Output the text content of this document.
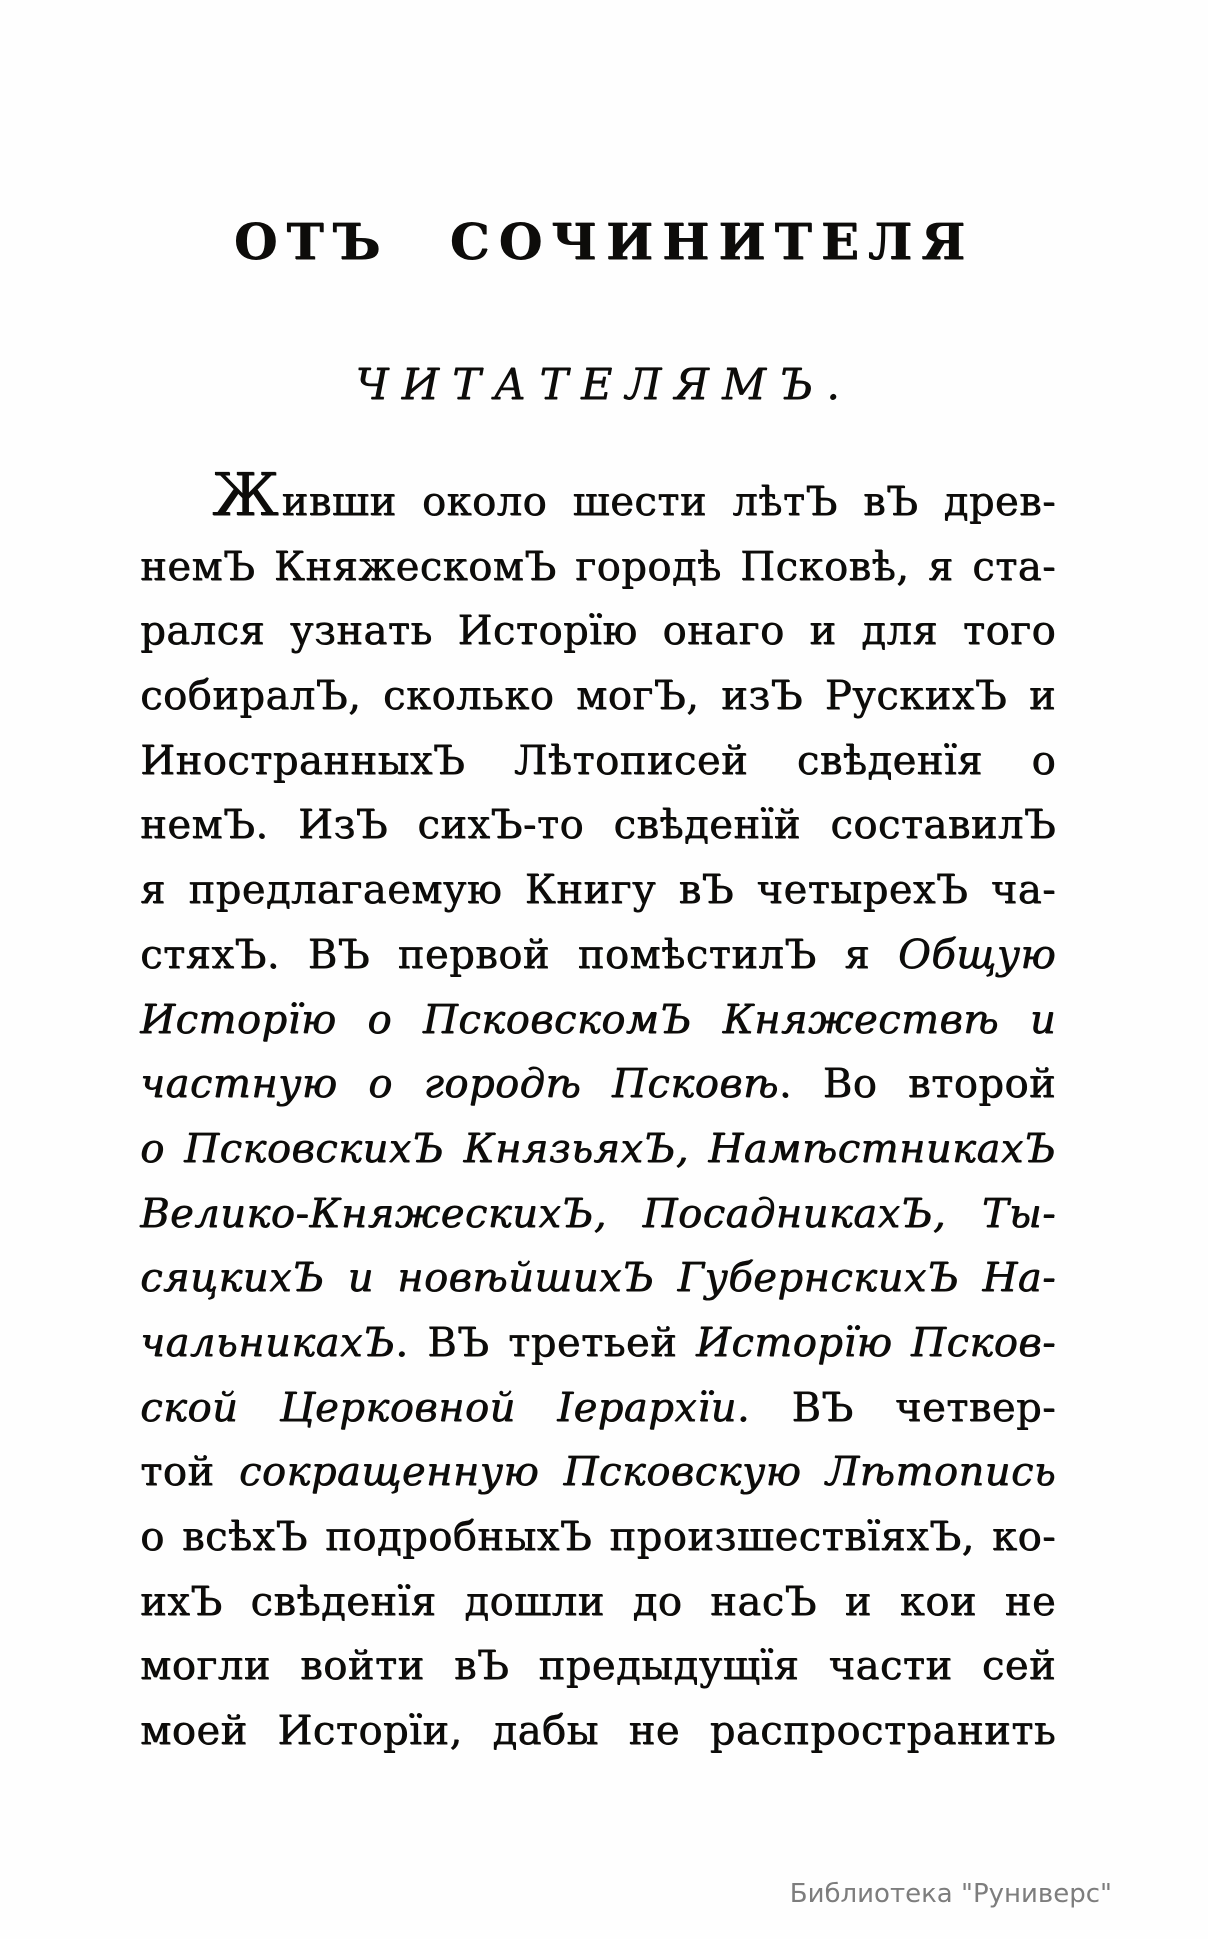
ОТЪ СОЧИНИТЕЛЯ
ЧИТАТЕЛЯМЪ.
Живши около шести лѣтЪ вЪ древ-
немЪ КняжескомЪ городѣ Псковѣ, я ста-
рался узнать Исторїю онаго и для того
собиралЪ, сколько могЪ, изЪ РускихЪ и
ИностранныхЪ Лѣтописей свѣденїя о
немЪ. ИзЪ сихЪ-то свѣденїй составилЪ
я предлагаемую Книгу вЪ четырехЪ ча-
стяхЪ. ВЪ первой помѣстилЪ я Общую
Исторїю о ПсковскомЪ Княжествѣ и
частную о городѣ Псковѣ. Во второй
о ПсковскихЪ КнязьяхЪ, НамѣстникахЪ
Велико-КняжескихЪ, ПосадникахЪ, Ты-
сяцкихЪ и новѣйшихЪ ГубернскихЪ На-
чальникахЪ. ВЪ третьей Исторїю Псков-
ской Церковной Іерархїи. ВЪ четвер-
той сокращенную Псковскую Лѣтопись
о всѣхЪ подробныхЪ произшествїяхЪ, ко-
ихЪ свѣденїя дошли до насЪ и кои не
могли войти вЪ предыдущїя части сей
моей Исторїи, дабы не распространить
Библиотека "Руниверс"
